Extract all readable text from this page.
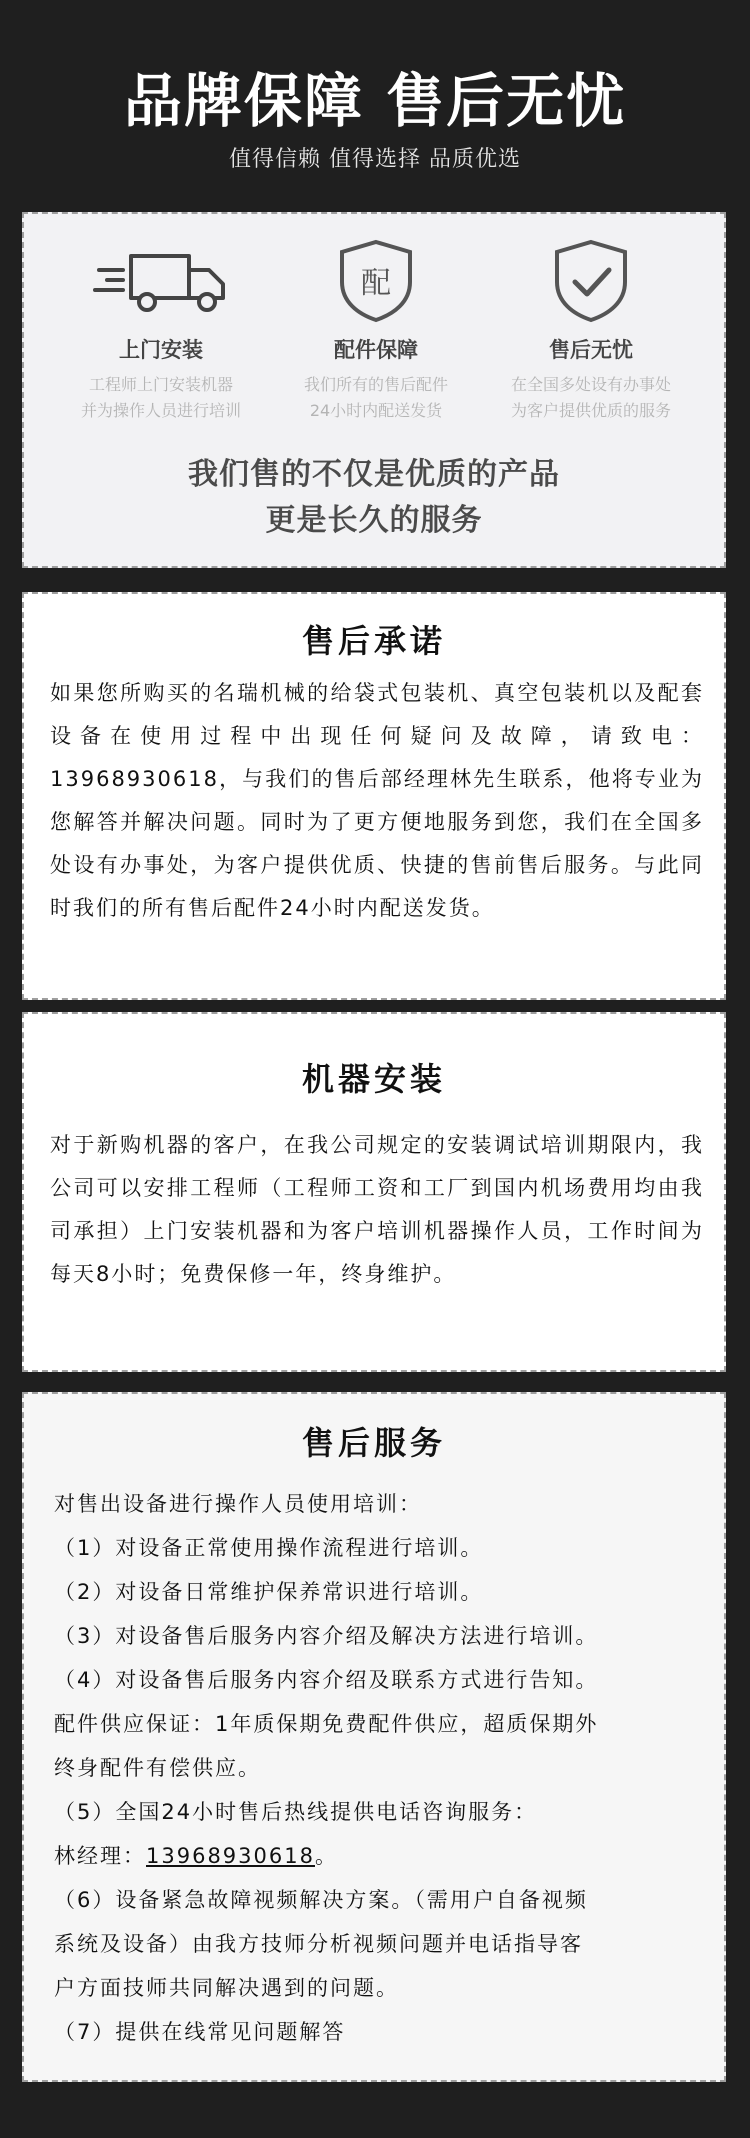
品牌保障 售后无忧
值得信赖 值得选择 品质优选
上门安装
工程师上门安装机器
并为操作人员进行培训
配
配件保障
我们所有的售后配件
24小时内配送发货
售后无忧
在全国多处设有办事处
为客户提供优质的服务
我们售的不仅是优质的产品
更是长久的服务
售后承诺
如果您所购买的名瑞机械的给袋式包装机、真空包装机以及配套设备在使用过程中出现任何疑问及故障，请致电：13968930618，与我们的售后部经理林先生联系，他将专业为您解答并解决问题。同时为了更方便地服务到您，我们在全国多处设有办事处，为客户提供优质、快捷的售前售后服务。与此同时我们的所有售后配件24小时内配送发货。
机器安装
对于新购机器的客户，在我公司规定的安装调试培训期限内，我公司可以安排工程师（工程师工资和工厂到国内机场费用均由我司承担）上门安装机器和为客户培训机器操作人员，工作时间为每天8小时；免费保修一年，终身维护。
售后服务
对售出设备进行操作人员使用培训：
（1）对设备正常使用操作流程进行培训。
（2）对设备日常维护保养常识进行培训。
（3）对设备售后服务内容介绍及解决方法进行培训。
（4）对设备售后服务内容介绍及联系方式进行告知。
配件供应保证：1年质保期免费配件供应，超质保期外
终身配件有偿供应。
（5）全国24小时售后热线提供电话咨询服务：
林经理：13968930618。
（6）设备紧急故障视频解决方案。（需用户自备视频
系统及设备）由我方技师分析视频问题并电话指导客
户方面技师共同解决遇到的问题。
（7）提供在线常见问题解答
